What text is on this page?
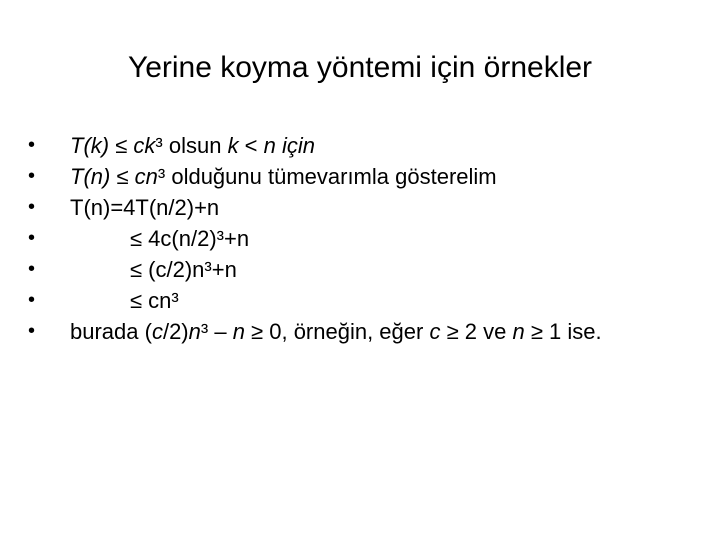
Yerine koyma yöntemi için örnekler
•	T(k) ≤ ck³ olsun k < n için
•	T(n) ≤ cn³ olduğunu tümevarımla gösterelim
•	T(n)=4T(n/2)+n
•	≤ 4c(n/2)³+n
•	≤ (c/2)n³+n
•	≤ cn³
•	burada (c/2)n³ – n ≥ 0, örneğin, eğer c ≥ 2 ve n ≥ 1 ise.
